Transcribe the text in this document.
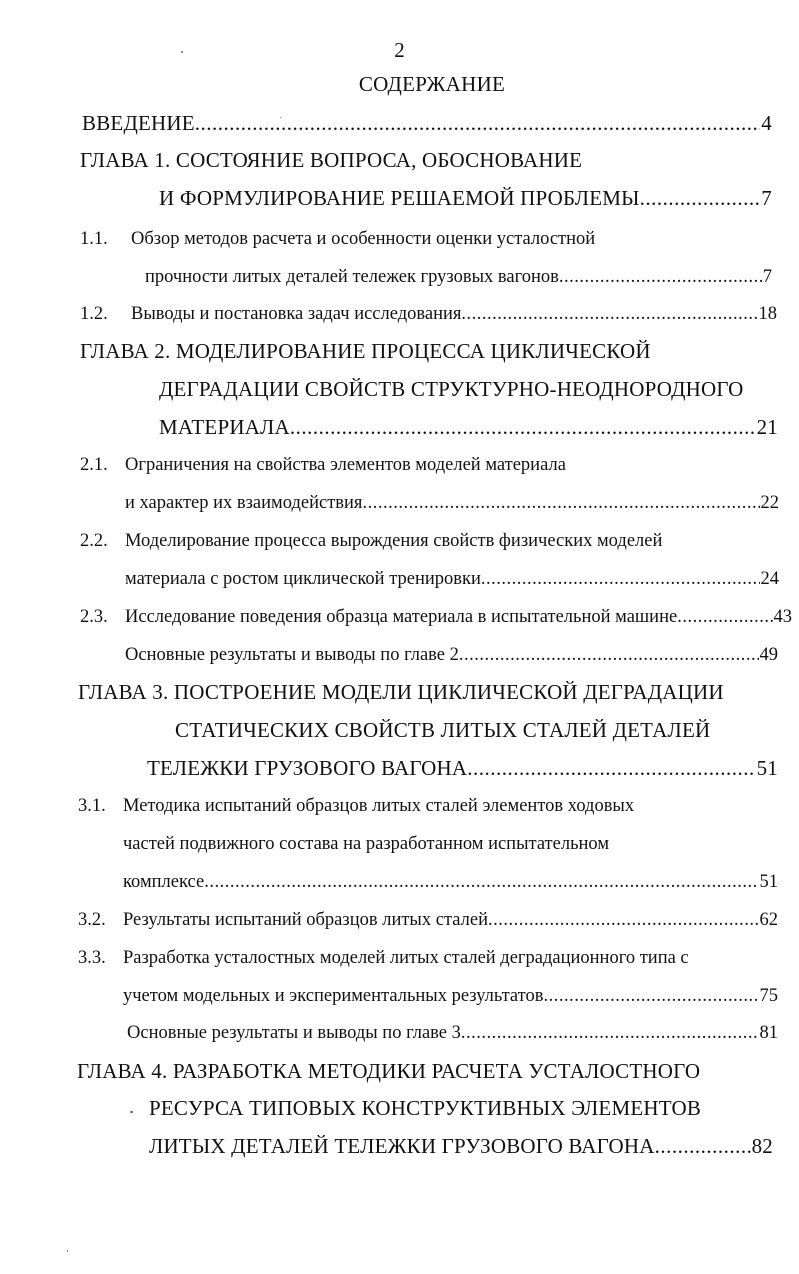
2
СОДЕРЖАНИЕ
ВВЕДЕНИЕ .....	4
ГЛАВА 1. СОСТОЯНИЕ ВОПРОСА, ОБОСНОВАНИЕ
И ФОРМУЛИРОВАНИЕ РЕШАЕМОЙ ПРОБЛЕМЫ .....	7
1.1.	Обзор методов расчета и особенности оценки усталостной
прочности литых деталей тележек грузовых вагонов .....	7
1.2.	Выводы и постановка задач исследования .....	18
ГЛАВА 2. МОДЕЛИРОВАНИЕ ПРОЦЕССА ЦИКЛИЧЕСКОЙ
ДЕГРАДАЦИИ СВОЙСТВ СТРУКТУРНО-НЕОДНОРОДНОГО
МАТЕРИАЛА .....	21
2.1. Ограничения на свойства элементов моделей материала
и характер их взаимодействия .....	22
2.2. Моделирование процесса вырождения свойств физических моделей
материала с ростом циклической тренировки .....	24
2.3. Исследование поведения образца материала в испытательной машине .....	43
Основные результаты и выводы по главе 2 .....	49
ГЛАВА 3. ПОСТРОЕНИЕ МОДЕЛИ ЦИКЛИЧЕСКОЙ ДЕГРАДАЦИИ
СТАТИЧЕСКИХ СВОЙСТВ ЛИТЫХ СТАЛЕЙ ДЕТАЛЕЙ
ТЕЛЕЖКИ ГРУЗОВОГО ВАГОНА .....	51
3.1. Методика испытаний образцов литых сталей элементов ходовых
частей подвижного состава на разработанном испытательном
комплексе .....	51
3.2. Результаты испытаний образцов литых сталей .....	62
3.3. Разработка усталостных моделей литых сталей деградационного типа с
учетом модельных и экспериментальных результатов .....	75
Основные результаты и выводы по главе 3 .....	81
ГЛАВА 4. РАЗРАБОТКА МЕТОДИКИ РАСЧЕТА УСТАЛОСТНОГО
РЕСУРСА ТИПОВЫХ КОНСТРУКТИВНЫХ ЭЛЕМЕНТОВ
ЛИТЫХ ДЕТАЛЕЙ ТЕЛЕЖКИ ГРУЗОВОГО ВАГОНА .....	82
